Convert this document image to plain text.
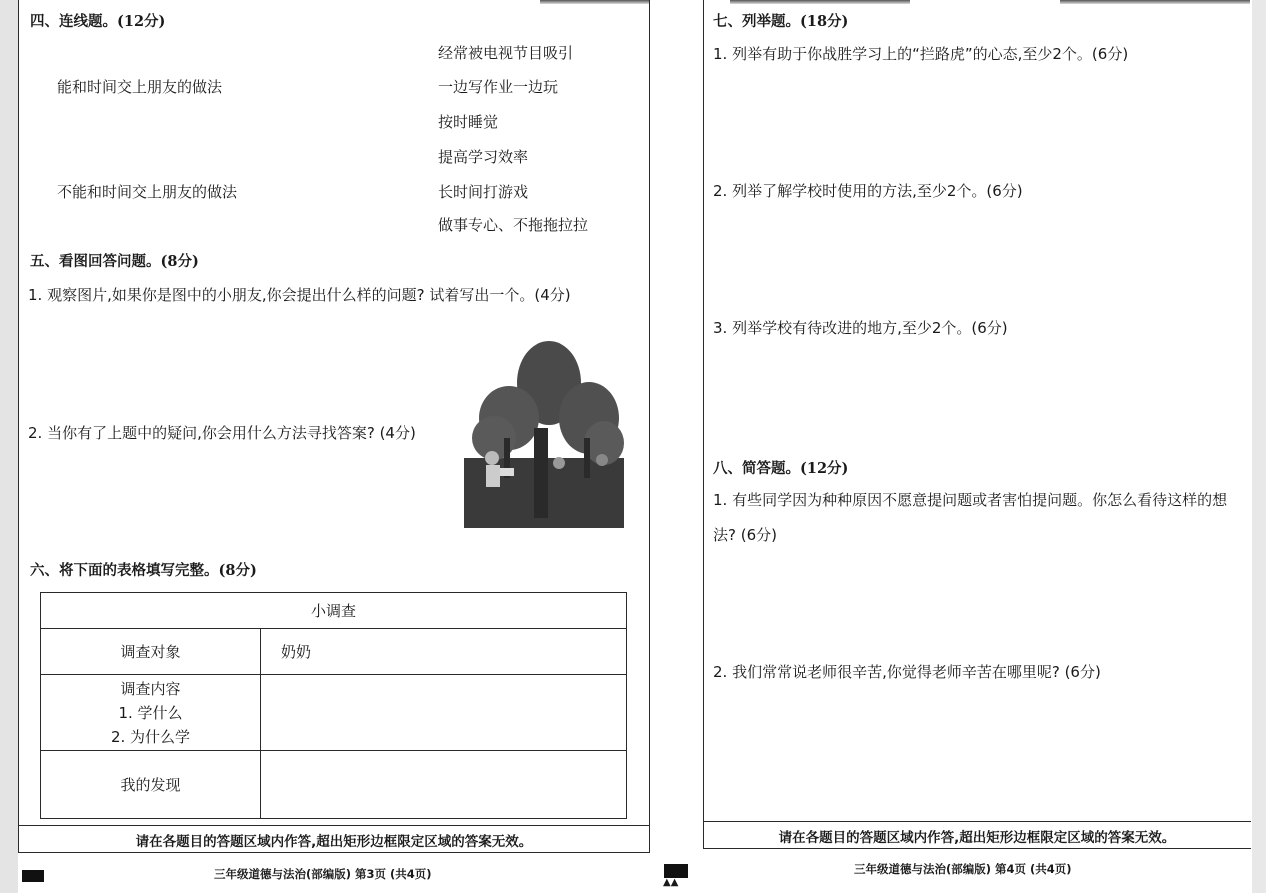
四、连线题。(12分)
能和时间交上朋友的做法
不能和时间交上朋友的做法
经常被电视节目吸引
一边写作业一边玩
按时睡觉
提高学习效率
长时间打游戏
做事专心、不拖拖拉拉
五、看图回答问题。(8分)
1. 观察图片,如果你是图中的小朋友,你会提出什么样的问题? 试着写出一个。(4分)
2. 当你有了上题中的疑问,你会用什么方法寻找答案? (4分)
六、将下面的表格填写完整。(8分)
小调查	
调查对象	奶奶

调查内容
1. 学什么
2. 为什么学	

我的发现	
请在各题目的答题区域内作答,超出矩形边框限定区域的答案无效。
三年级道德与法治(部编版) 第3页 (共4页)
▲▲
七、列举题。(18分)
1. 列举有助于你战胜学习上的“拦路虎”的心态,至少2个。(6分)
2. 列举了解学校时使用的方法,至少2个。(6分)
3. 列举学校有待改进的地方,至少2个。(6分)
八、简答题。(12分)
1. 有些同学因为种种原因不愿意提问题或者害怕提问题。你怎么看待这样的想
法? (6分)
2. 我们常常说老师很辛苦,你觉得老师辛苦在哪里呢? (6分)
请在各题目的答题区域内作答,超出矩形边框限定区域的答案无效。
三年级道德与法治(部编版) 第4页 (共4页)
